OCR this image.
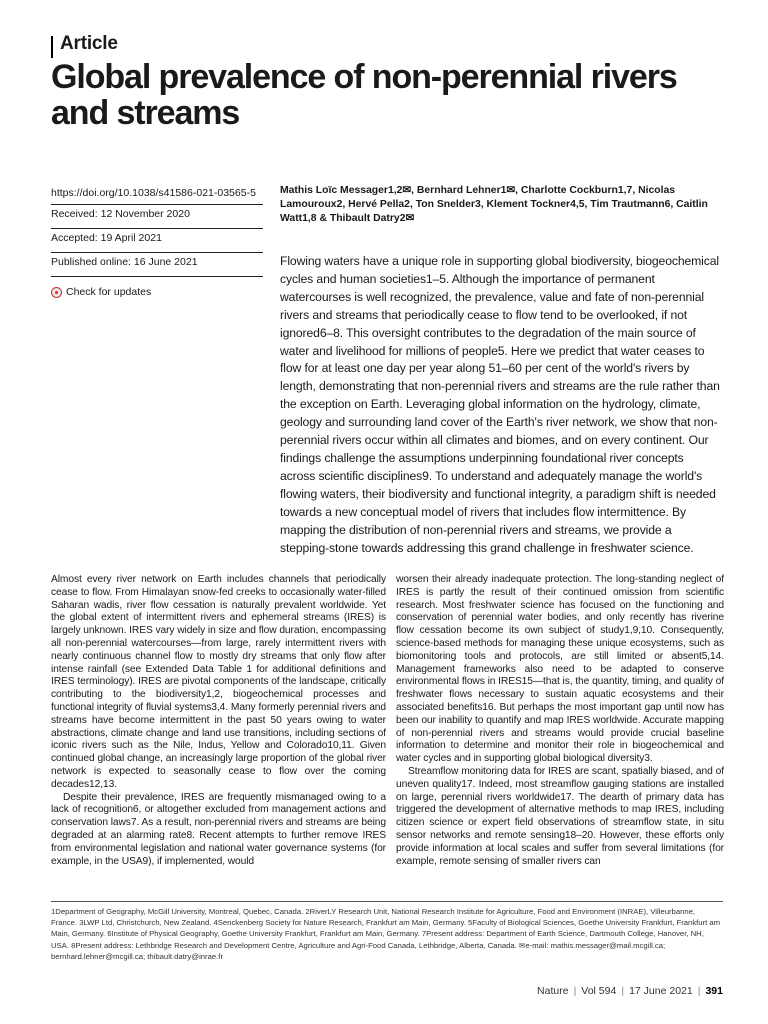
Article
Global prevalence of non-perennial rivers and streams
https://doi.org/10.1038/s41586-021-03565-5
Received: 12 November 2020
Accepted: 19 April 2021
Published online: 16 June 2021
Check for updates
Mathis Loïc Messager1,2✉, Bernhard Lehner1✉, Charlotte Cockburn1,7, Nicolas Lamouroux2, Hervé Pella2, Ton Snelder3, Klement Tockner4,5, Tim Trautmann6, Caitlin Watt1,8 & Thibault Datry2✉
Flowing waters have a unique role in supporting global biodiversity, biogeochemical cycles and human societies1–5. Although the importance of permanent watercourses is well recognized, the prevalence, value and fate of non-perennial rivers and streams that periodically cease to flow tend to be overlooked, if not ignored6–8. This oversight contributes to the degradation of the main source of water and livelihood for millions of people5. Here we predict that water ceases to flow for at least one day per year along 51–60 per cent of the world's rivers by length, demonstrating that non-perennial rivers and streams are the rule rather than the exception on Earth. Leveraging global information on the hydrology, climate, geology and surrounding land cover of the Earth's river network, we show that non-perennial rivers occur within all climates and biomes, and on every continent. Our findings challenge the assumptions underpinning foundational river concepts across scientific disciplines9. To understand and adequately manage the world's flowing waters, their biodiversity and functional integrity, a paradigm shift is needed towards a new conceptual model of rivers that includes flow intermittence. By mapping the distribution of non-perennial rivers and streams, we provide a stepping-stone towards addressing this grand challenge in freshwater science.

Almost every river network on Earth includes channels that periodically cease to flow. From Himalayan snow-fed creeks to occasionally water-filled Saharan wadis, river flow cessation is naturally prevalent worldwide. Yet the global extent of intermittent rivers and ephemeral streams (IRES) is largely unknown. IRES vary widely in size and flow duration, encompassing all non-perennial watercourses—from large, rarely intermittent rivers with nearly continuous channel flow to mostly dry streams that only flow after intense rainfall (see Extended Data Table 1 for additional definitions and IRES terminology). IRES are pivotal components of the landscape, critically contributing to the biodiversity1,2, biogeochemical processes and functional integrity of fluvial systems3,4. Many formerly perennial rivers and streams have become intermittent in the past 50 years owing to water abstractions, climate change and land use transitions, including sections of iconic rivers such as the Nile, Indus, Yellow and Colorado10,11. Given continued global change, an increasingly large proportion of the global river network is expected to seasonally cease to flow over the coming decades12,13.

Despite their prevalence, IRES are frequently mismanaged owing to a lack of recognition6, or altogether excluded from management actions and conservation laws7. As a result, non-perennial rivers and streams are being degraded at an alarming rate8. Recent attempts to further remove IRES from environmental legislation and national water governance systems (for example, in the USA9), if implemented, would

worsen their already inadequate protection. The long-standing neglect of IRES is partly the result of their continued omission from scientific research. Most freshwater science has focused on the functioning and conservation of perennial water bodies, and only recently has riverine flow cessation become its own subject of study1,9,10. Consequently, science-based methods for managing these unique ecosystems, such as biomonitoring tools and protocols, are still limited or absent5,14. Management frameworks also need to be adapted to conserve environmental flows in IRES15—that is, the quantity, timing, and quality of freshwater flows necessary to sustain aquatic ecosystems and their associated benefits16. But perhaps the most important gap until now has been our inability to quantify and map IRES worldwide. Accurate mapping of non-perennial rivers and streams would provide crucial baseline information to determine and monitor their role in biogeochemical and water cycles and in supporting global biological diversity3.

Streamflow monitoring data for IRES are scant, spatially biased, and of uneven quality17. Indeed, most streamflow gauging stations are installed on large, perennial rivers worldwide17. The dearth of primary data has triggered the development of alternative methods to map IRES, including citizen science or expert field observations of streamflow state, in situ sensor networks and remote sensing18–20. However, these efforts only provide information at local scales and suffer from several limitations (for example, remote sensing of smaller rivers can

1Department of Geography, McGill University, Montreal, Quebec, Canada. 2RiverLY Research Unit, National Research Institute for Agriculture, Food and Environment (INRAE), Villeurbanne, France. 3LWP Ltd, Christchurch, New Zealand. 4Senckenberg Society for Nature Research, Frankfurt am Main, Germany. 5Faculty of Biological Sciences, Goethe University Frankfurt, Frankfurt am Main, Germany. 6Institute of Physical Geography, Goethe University Frankfurt, Frankfurt am Main, Germany. 7Present address: Department of Earth Science, Dartmouth College, Hanover, NH, USA. 8Present address: Lethbridge Research and Development Centre, Agriculture and Agri-Food Canada, Lethbridge, Alberta, Canada. ✉e-mail: mathis.messager@mail.mcgill.ca; bernhard.lehner@mcgill.ca; thibault.datry@inrae.fr
Nature | Vol 594 | 17 June 2021 | 391
